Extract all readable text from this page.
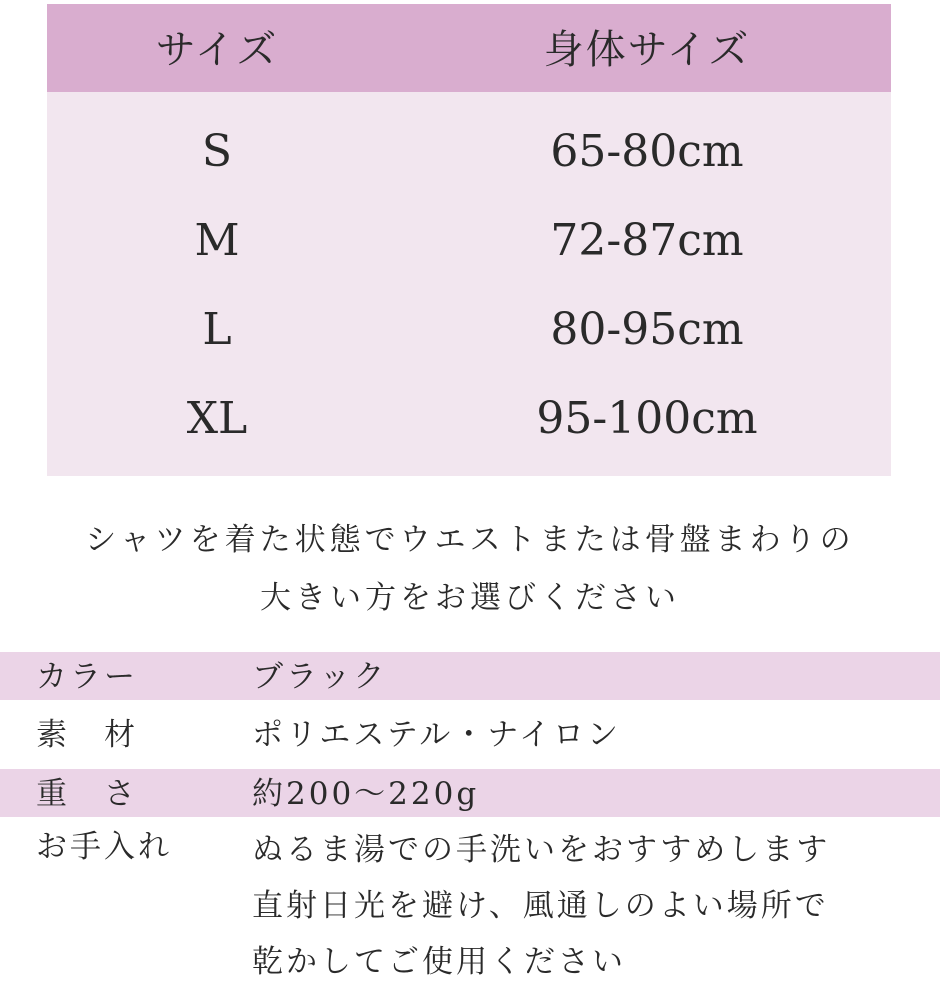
サイズ	身体サイズ
S	65-80cm
M	72-87cm
L	80-95cm
XL	95-100cm
シャツを着た状態でウエストまたは骨盤まわりの
大きい方をお選びください
カラー	ブラック
素　材	ポリエステル・ナイロン
重　さ	約200～220g
お手入れ	ぬるま湯での手洗いをおすすめします
直射日光を避け、風通しのよい場所で
乾かしてご使用ください
